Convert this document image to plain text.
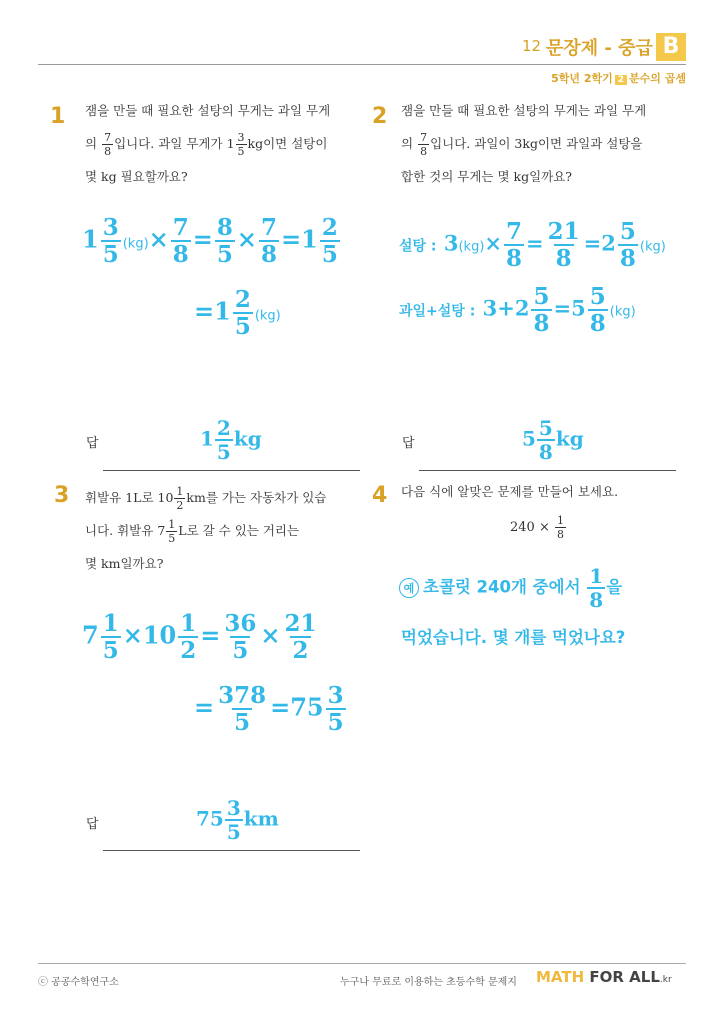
12 문장제 - 중급 B
5학년 2학기 2 분수의 곱셈
1 잼을 만들 때 필요한 설탕의 무게는 과일 무게
의 $\frac{7}{8}$ 입니다. 과일 무게가 $1 \frac{3}{5}$ kg이면 설탕이
몇 kg 필요할까요?
$1 \frac{3}{5} (kg)\times \frac{7}{8} = \frac{8}{5} \times \frac{7}{8} =1 \frac{2}{5}$
$=1 \frac{2}{5} (kg)$
답	$1 \frac{2}{5}$ kg
2 잼을 만들 때 필요한 설탕의 무게는 과일 무게
의 $\frac{7}{8}$ 입니다. 과일이 3kg이면 과일과 설탕을
합한 것의 무게는 몇 kg일까요?
설탕 : $3(kg)\times \frac{7}{8} = \frac{21}{8} =2 \frac{5}{8} (kg)$
과일+설탕 : $3+2 \frac{5}{8} =5 \frac{5}{8} (kg)$
답	$5 \frac{5}{8}$ kg
3 휘발유 1L로 $10 \frac{1}{2}$ km를 가는 자동차가 있습
니다. 휘발유 $7 \frac{1}{5}$ L로 갈 수 있는 거리는
몇 km일까요?
$7 \frac{1}{5} \times 10 \frac{1}{2} = \frac{36}{5} \times \frac{21}{2}$
= $\frac{378}{5} =75 \frac{3}{5}$
답	$75 \frac{3}{5}$ km
4 다음 식에 알맞은 문제를 만들어 보세요.
$240 \times \frac{1}{8}$
예 초콜릿 240개 중에서 $\frac{1}{8}$ 을
먹었습니다. 몇 개를 먹었나요?
ⓒ 공공수학연구소	누구나 무료로 이용하는 초등수학 문제지 MATH FOR ALL.kr
